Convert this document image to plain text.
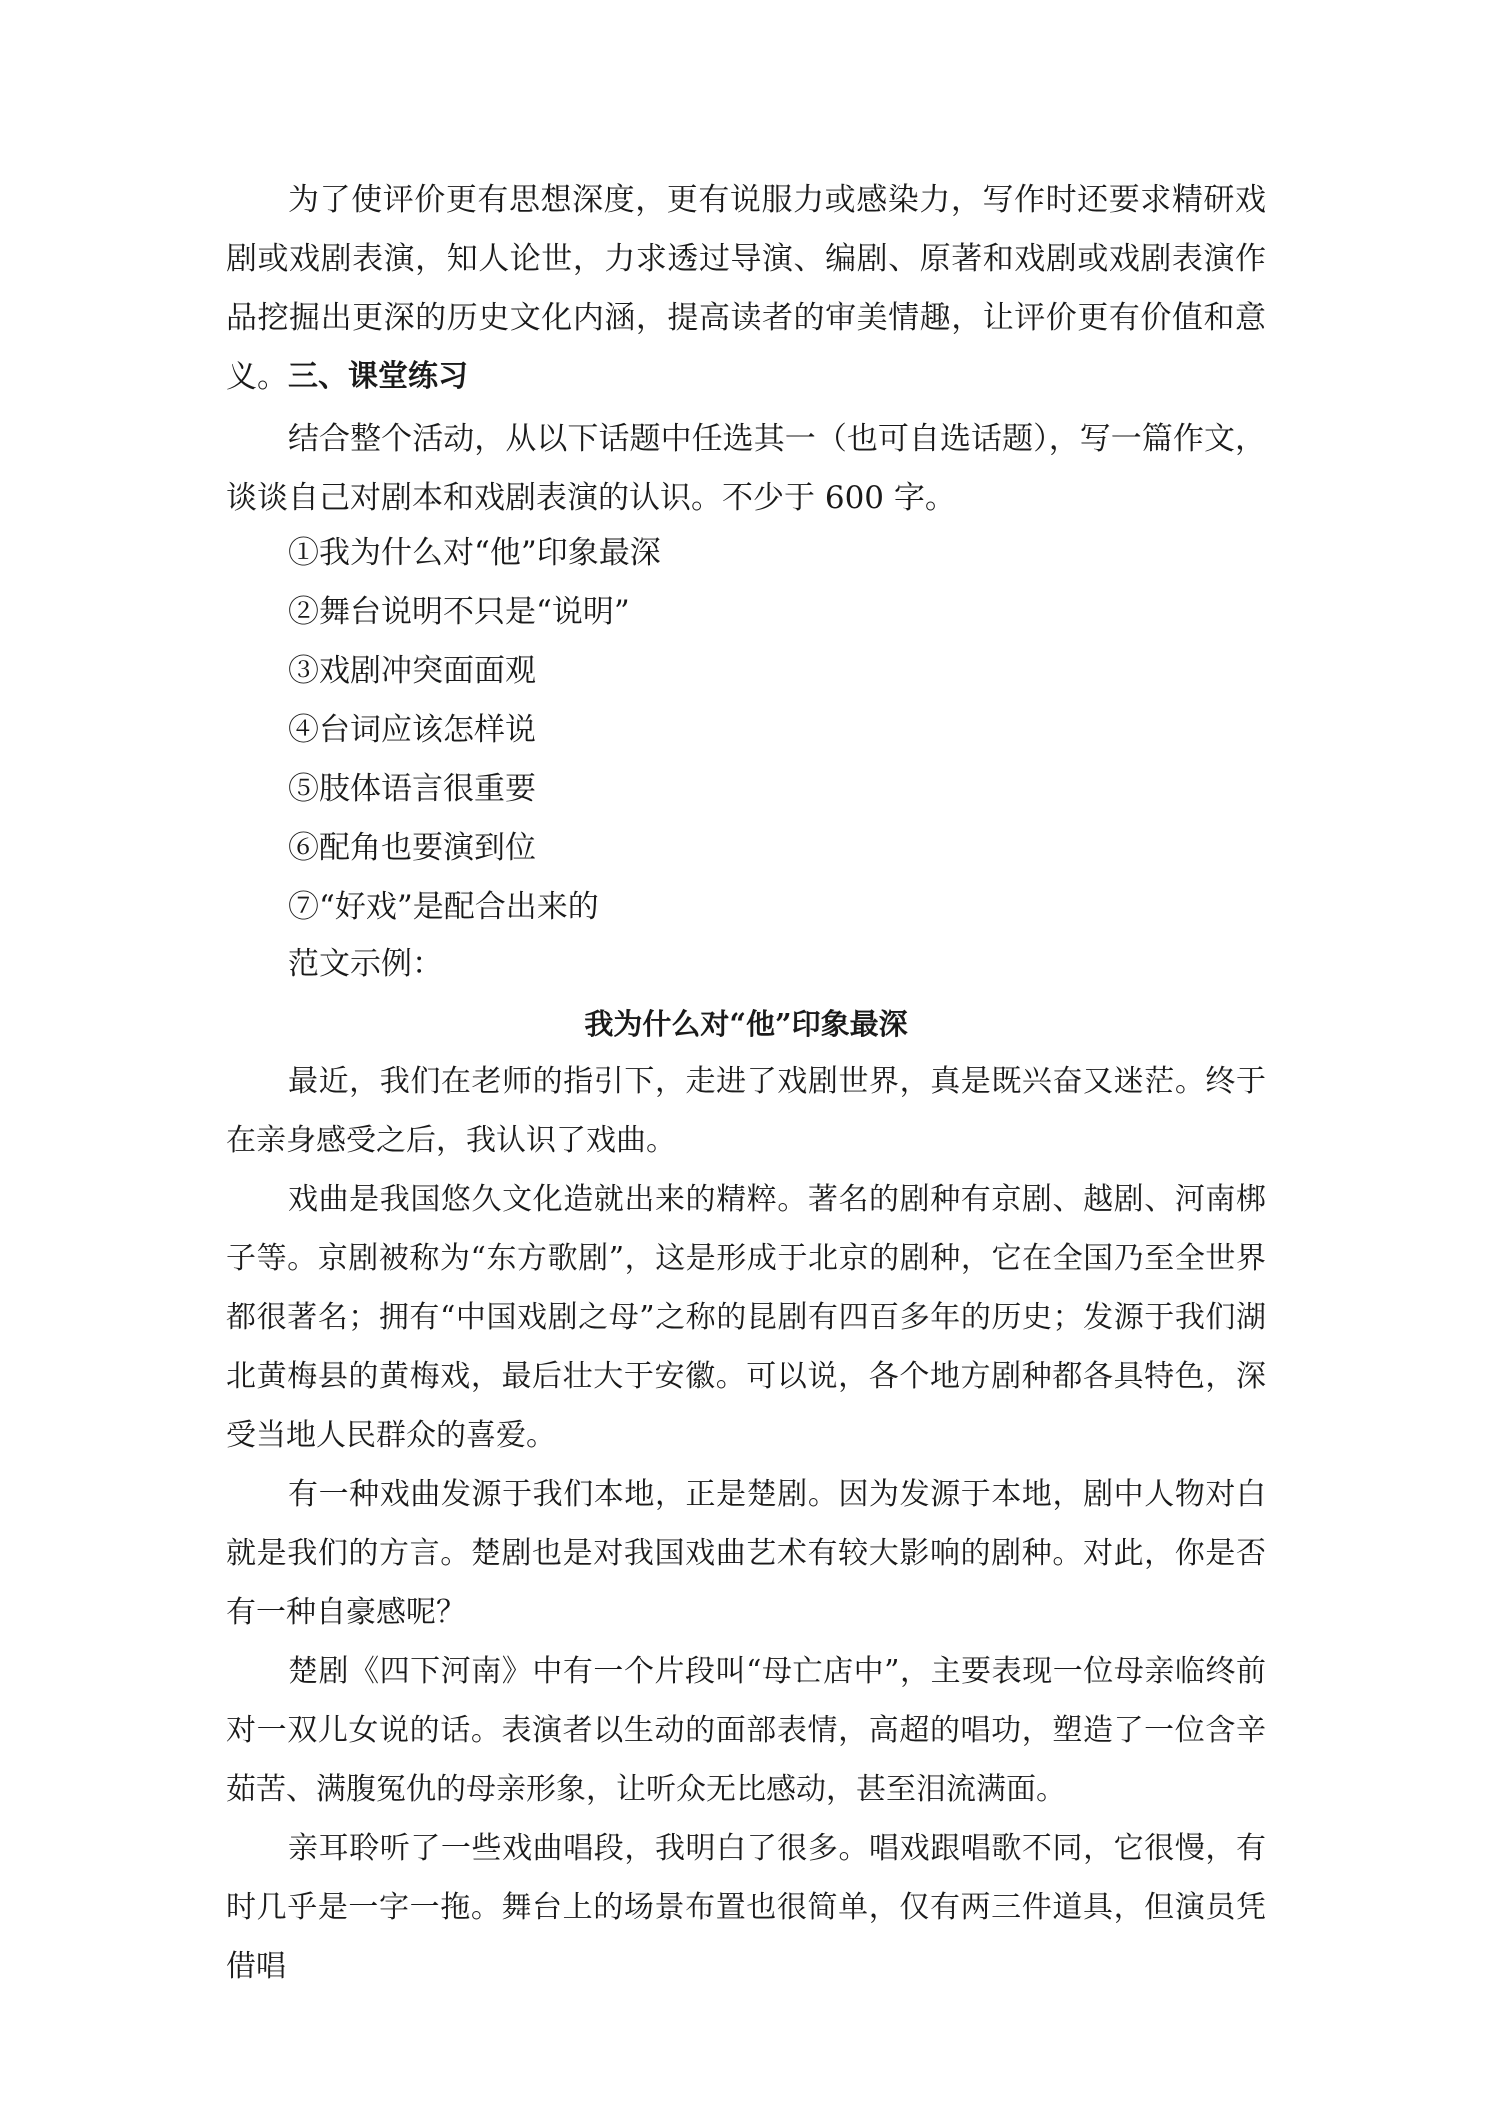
为了使评价更有思想深度，更有说服力或感染力，写作时还要求精研戏剧或戏剧表演，知人论世，力求透过导演、编剧、原著和戏剧或戏剧表演作品挖掘出更深的历史文化内涵，提高读者的审美情趣，让评价更有价值和意义。 三、课堂练习

结合整个活动，从以下话题中任选其一（也可自选话题），写一篇作文，谈谈自己对剧本和戏剧表演的认识。不少于 600 字。

①我为什么对“他”印象最深
②舞台说明不只是“说明”
③戏剧冲突面面观
④台词应该怎样说
⑤肢体语言很重要
⑥配角也要演到位
⑦“好戏”是配合出来的

范文示例：

我为什么对“他”印象最深

最近，我们在老师的指引下，走进了戏剧世界，真是既兴奋又迷茫。终于在亲身感受之后，我认识了戏曲。

戏曲是我国悠久文化造就出来的精粹。著名的剧种有京剧、越剧、河南梆子等。京剧被称为“东方歌剧”，这是形成于北京的剧种，它在全国乃至全世界都很著名；拥有“中国戏剧之母”之称的昆剧有四百多年的历史；发源于我们湖北黄梅县的黄梅戏，最后壮大于安徽。可以说，各个地方剧种都各具特色，深受当地人民群众的喜爱。

有一种戏曲发源于我们本地，正是楚剧。因为发源于本地，剧中人物对白就是我们的方言。楚剧也是对我国戏曲艺术有较大影响的剧种。对此，你是否有一种自豪感呢？

楚剧《四下河南》中有一个片段叫“母亡店中”，主要表现一位母亲临终前对一双儿女说的话。表演者以生动的面部表情，高超的唱功，塑造了一位含辛茹苦、满腹冤仇的母亲形象，让听众无比感动，甚至泪流满面。

亲耳聆听了一些戏曲唱段，我明白了很多。唱戏跟唱歌不同，它很慢，有时几乎是一字一拖。舞台上的场景布置也很简单，仅有两三件道具，但演员凭借唱
